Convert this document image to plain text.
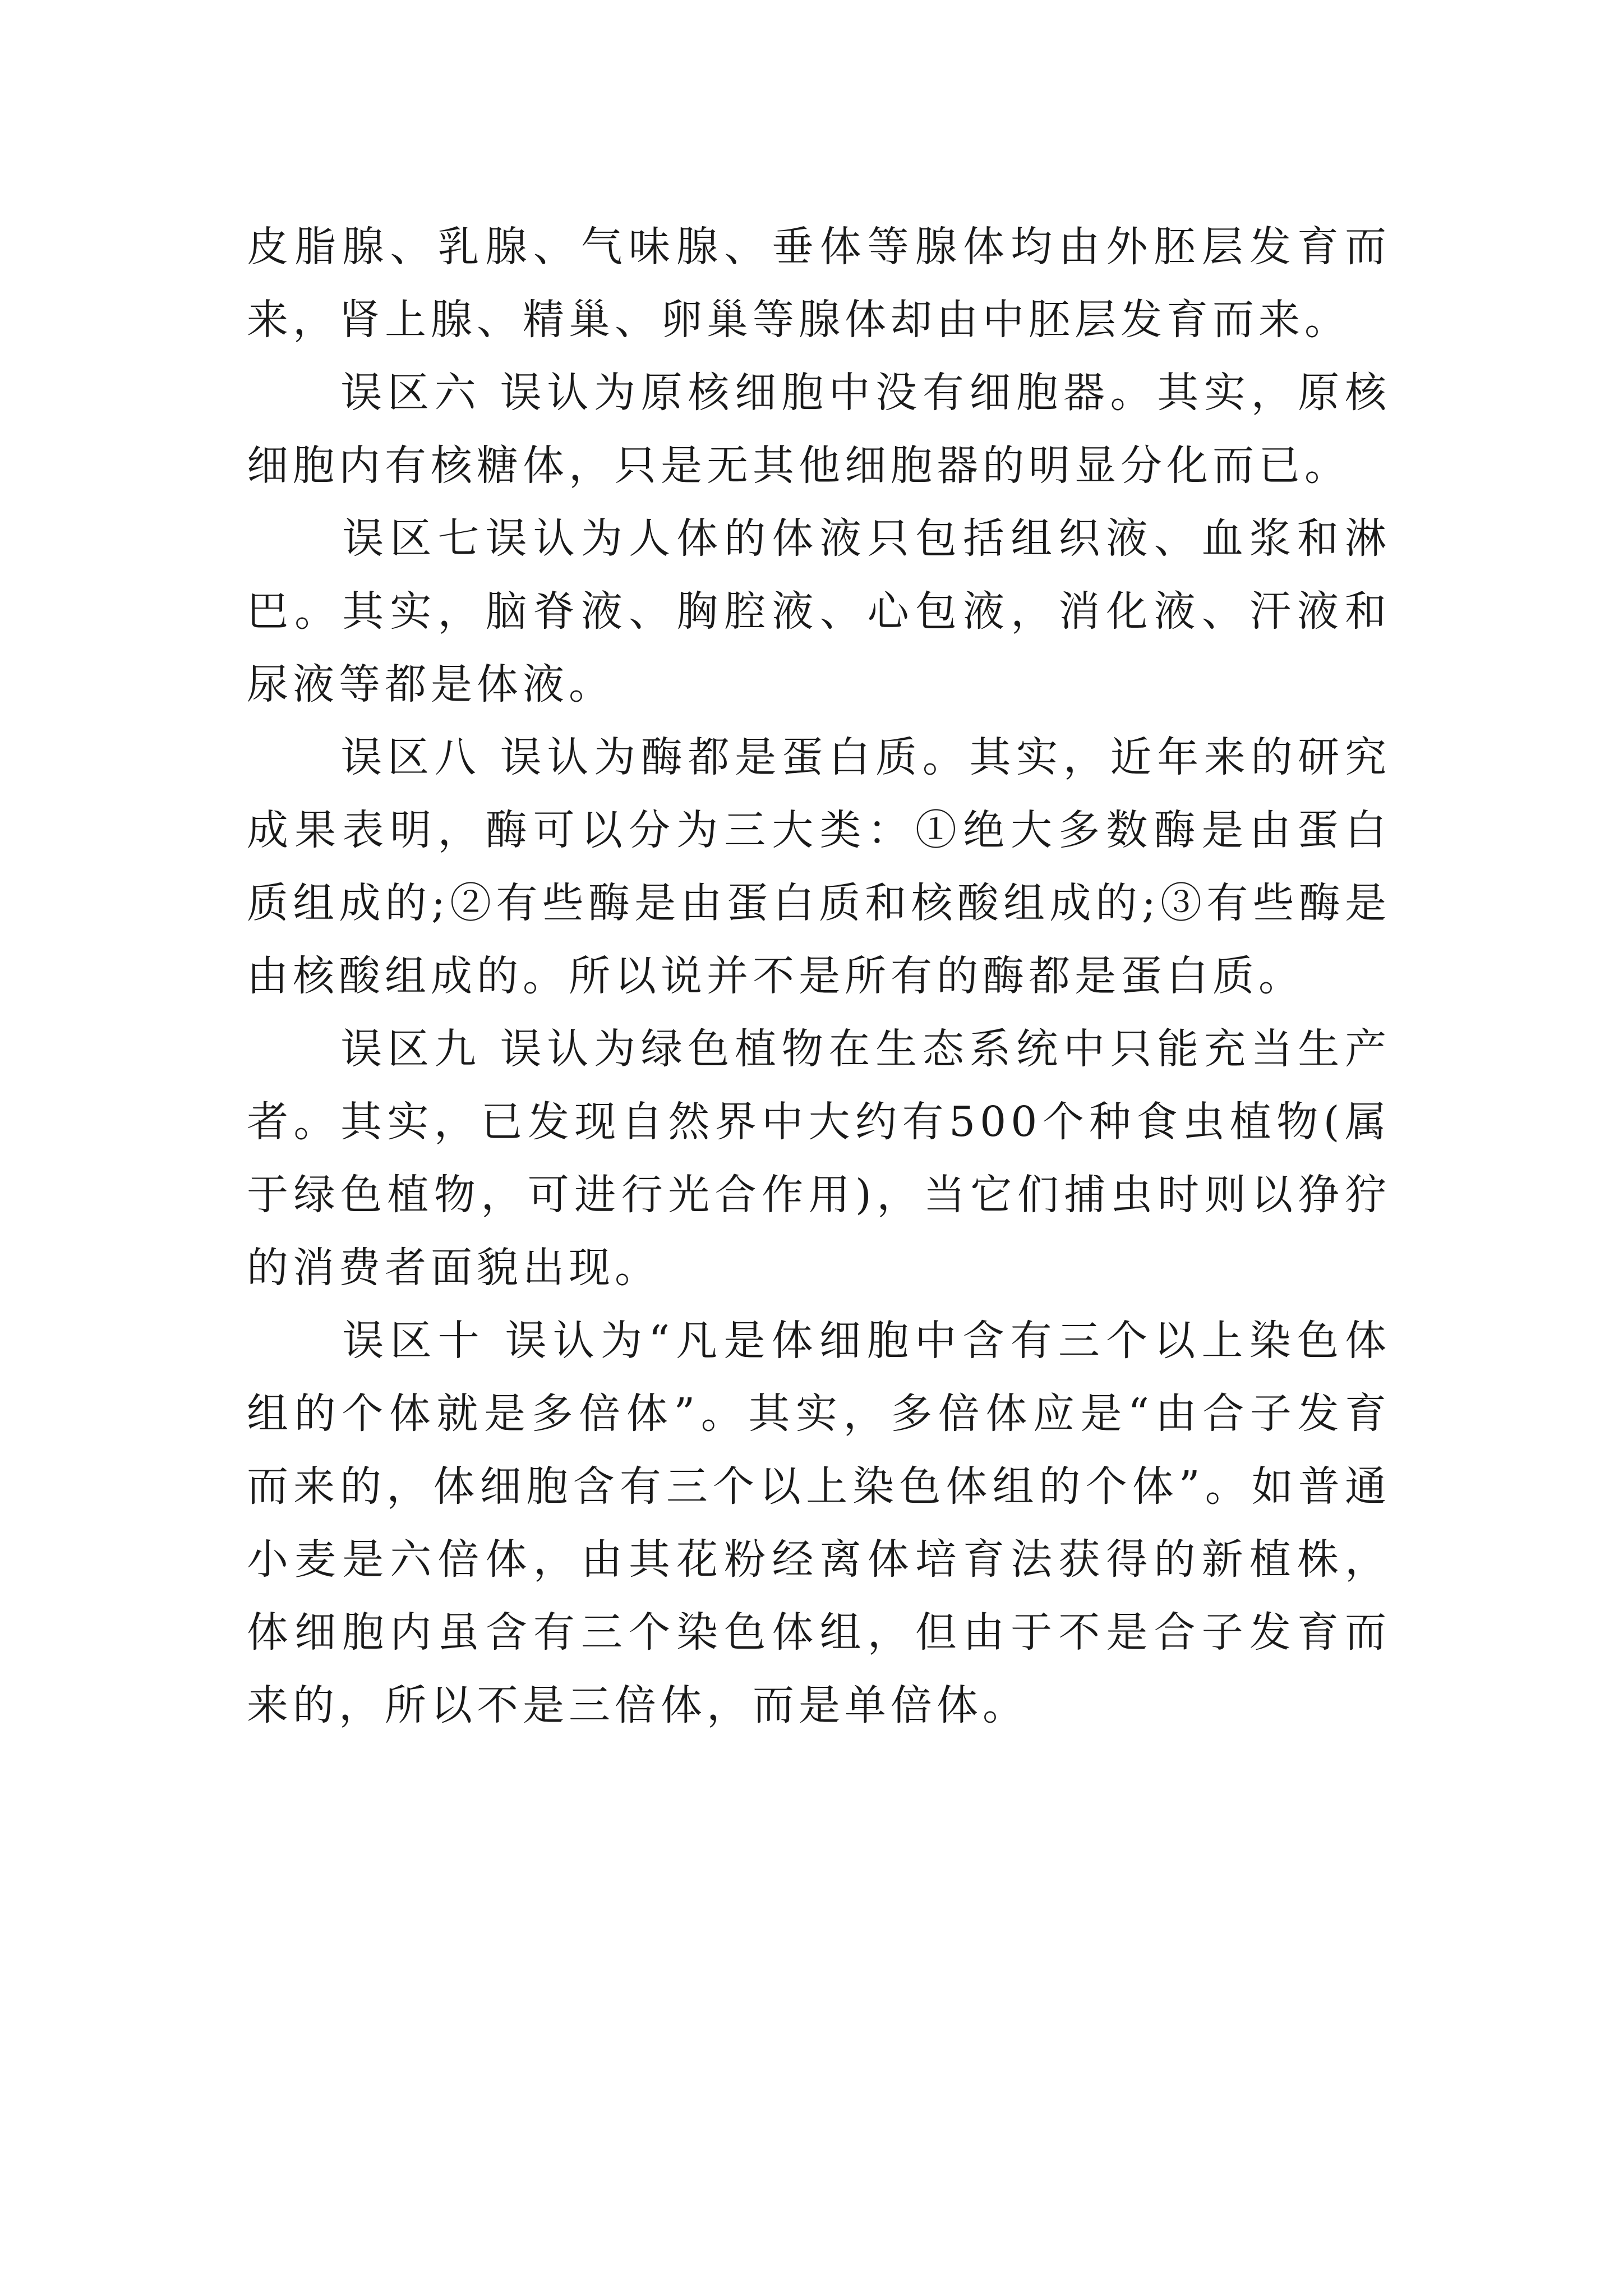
皮脂腺、乳腺、气味腺、垂体等腺体均由外胚层发育而来，肾上腺、精巢、卵巢等腺体却由中胚层发育而来。

　　误区六 误认为原核细胞中没有细胞器。其实，原核细胞内有核糖体，只是无其他细胞器的明显分化而已。

　　误区七误认为人体的体液只包括组织液、血浆和淋巴。其实，脑脊液、胸腔液、心包液，消化液、汗液和尿液等都是体液。

　　误区八 误认为酶都是蛋白质。其实，近年来的研究成果表明，酶可以分为三大类：①绝大多数酶是由蛋白质组成的;②有些酶是由蛋白质和核酸组成的;③有些酶是由核酸组成的。所以说并不是所有的酶都是蛋白质。

　　误区九 误认为绿色植物在生态系统中只能充当生产者。其实，已发现自然界中大约有500个种食虫植物(属于绿色植物，可进行光合作用)，当它们捕虫时则以狰狞的消费者面貌出现。

　　误区十 误认为“凡是体细胞中含有三个以上染色体组的个体就是多倍体”。其实，多倍体应是“由合子发育而来的，体细胞含有三个以上染色体组的个体”。如普通小麦是六倍体，由其花粉经离体培育法获得的新植株，体细胞内虽含有三个染色体组，但由于不是合子发育而来的，所以不是三倍体，而是单倍体。
